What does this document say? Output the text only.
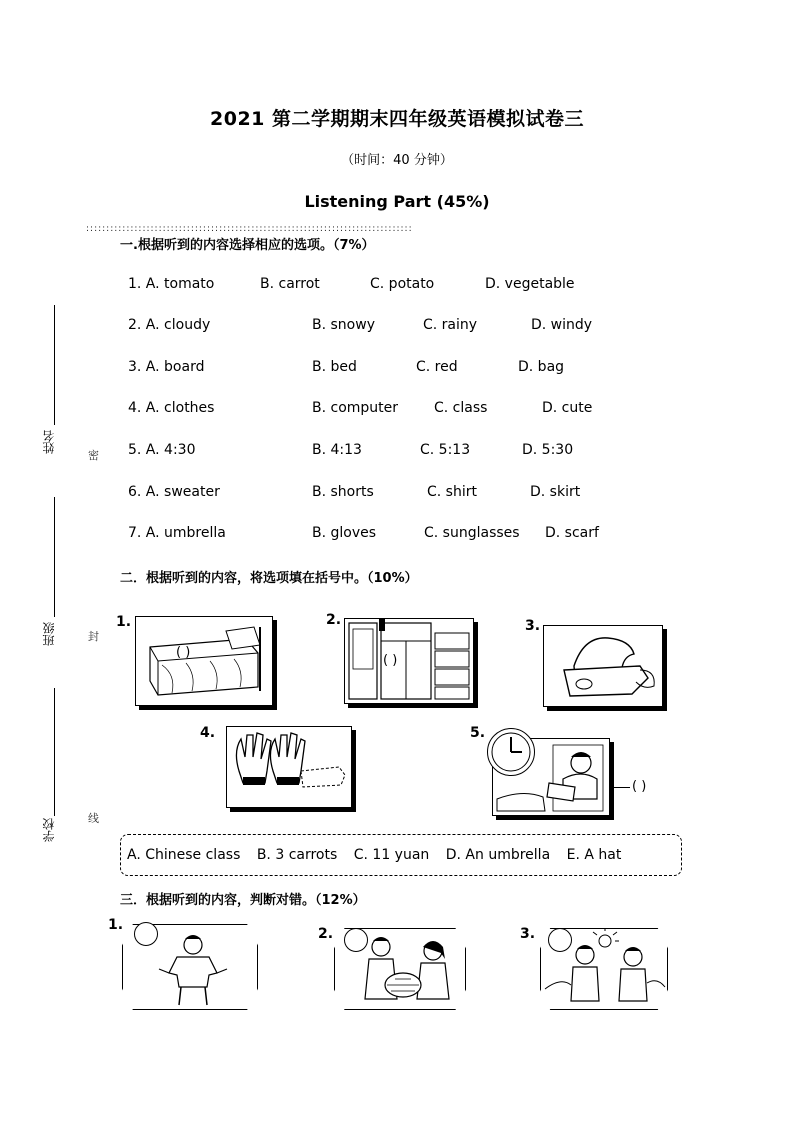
2021 第二学期期末四年级英语模拟试卷三
（时间：40 分钟）
Listening Part (45%)
:::::::::::::::::::::::::::::::::::::::::::::::::::::::::::::::::::::::::::::::::
姓名
班级
学校
密
封
线
一.根据听到的内容选择相应的选项。（7%）
1. A. tomato	B. carrot	C. potato	D. vegetable
2. A. cloudy	B. snowy	C. rainy	D. windy
3. A. board	B. bed	C. red	D. bag
4. A. clothes	B. computer	C. class	D. cute
5. A. 4:30	B. 4:13	C. 5:13	D. 5:30
6. A. sweater	B. shorts	C. shirt	D. skirt
7. A. umbrella	B. gloves	C. sunglasses D. scarf
二．根据听到的内容，将选项填在括号中。（10%）
1.
( )
2.
( )
3.
4.	5.
( )
A. Chinese class B. 3 carrots C. 11 yuan D. An umbrella E. A hat
三．根据听到的内容，判断对错。（12%）
1.
2.	3.
